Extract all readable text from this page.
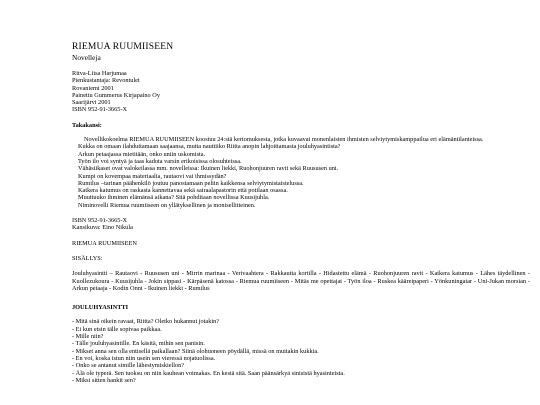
RIEMUA RUUMIISEEN
Novelleja
Ritva-Liisa Harjumaa
Pienkustantaja: Revontulet
Rovaniemi 2001
Painettu Gummerus Kirjapaino Oy
Saarijärvi 2001
ISBN 952-91-3665-X
Takakansi:
Novellikokoelma RIEMUA RUUMIISEEN koostuu 24:stä kertomuksesta, jotka kuvaavat monenlaisten ihmisten selviytymiskamppailua eri elämäntilanteissa.
Kukka on omaan ilahduttamaan saajaansa, mutta nauttiiko Riitta anopin lahjoittamasta jouluhyasintista?
Arkun petaajassa mietitään, onko uniin uskomista.
Työn ilo voi syntyä ja taas kadota varsin erikoisissa olosuhteissa.
Vähäsiikaset ovat valokeilassa mm. novelleissa: Ikuinen liekki, Ruohonjuuren ravit sekä Ruususen uni.
Kumpi on kovempaa materiaalia, rautaovi vai ihmissydän?
Rumilus –tarinan päähenkilö joutuu panostamaan peliin kaikkensa selviytymistaistelussa.
Katkera katumus on raskasta kannettavaa sekä sairaalapastorin että potilaan osassa.
Muuttuuko ihminen elämänsä aikana? Sitä pohditaan novellissa Kuusijuhla.
Niminovelli Riemua ruumiiseen on yllätyksellinen ja monisellitteinen.
ISBN 952-91-3665-X
Kansikuva: Eino Nikula
RIEMUA RUUMIISEEN
SISÄLLYS:
Jouluhyasintti – Rautaovi - Ruususen uni - Mirrin marinaa - Verivaahtera - Rakkautta kortilla - Hidastettu elämä - Ruohonjuuren ravit - Katkera katumus - Lähes täydellinen - Kuollezukoura - Kuusijuhla - Jokin sippasi - Kärpäsenä katossa - Riemua ruumiiseen - Mitäs me opettajat - Työn iloa - Ruskea kääreipaperi - Yönkuningatar - Uni-Jukan morsian - Arkun petaaja - Kodin Onni - Ikuinen liekki - Rumilus
JOULUHYASINTTI
- Mitä sinä oikein ravaat, Riitta? Oletko hukannut jotakin?
- Ei kun etsin tälle sopivaa paikkaa.
- Mille niin?
- Tälle jouluhyasintille. En käsitä, mihin sen panisin.
- Mikset anna sen olla entisellä paikallaan? Siinä olohuoneen pöydällä, missä on muitakin kukkia.
- En voi, koska istun niin usein sen vieressä nojatuolissa.
- Onko se antanut simille lähestymiskiellon?
- Älä ole typerä. Sen tuoksu on niin kauhean voimakas. En kestä sitä. Saan päänsärkyä sinisistä hyasinteista.
- Miksi sitten hankit sen?
